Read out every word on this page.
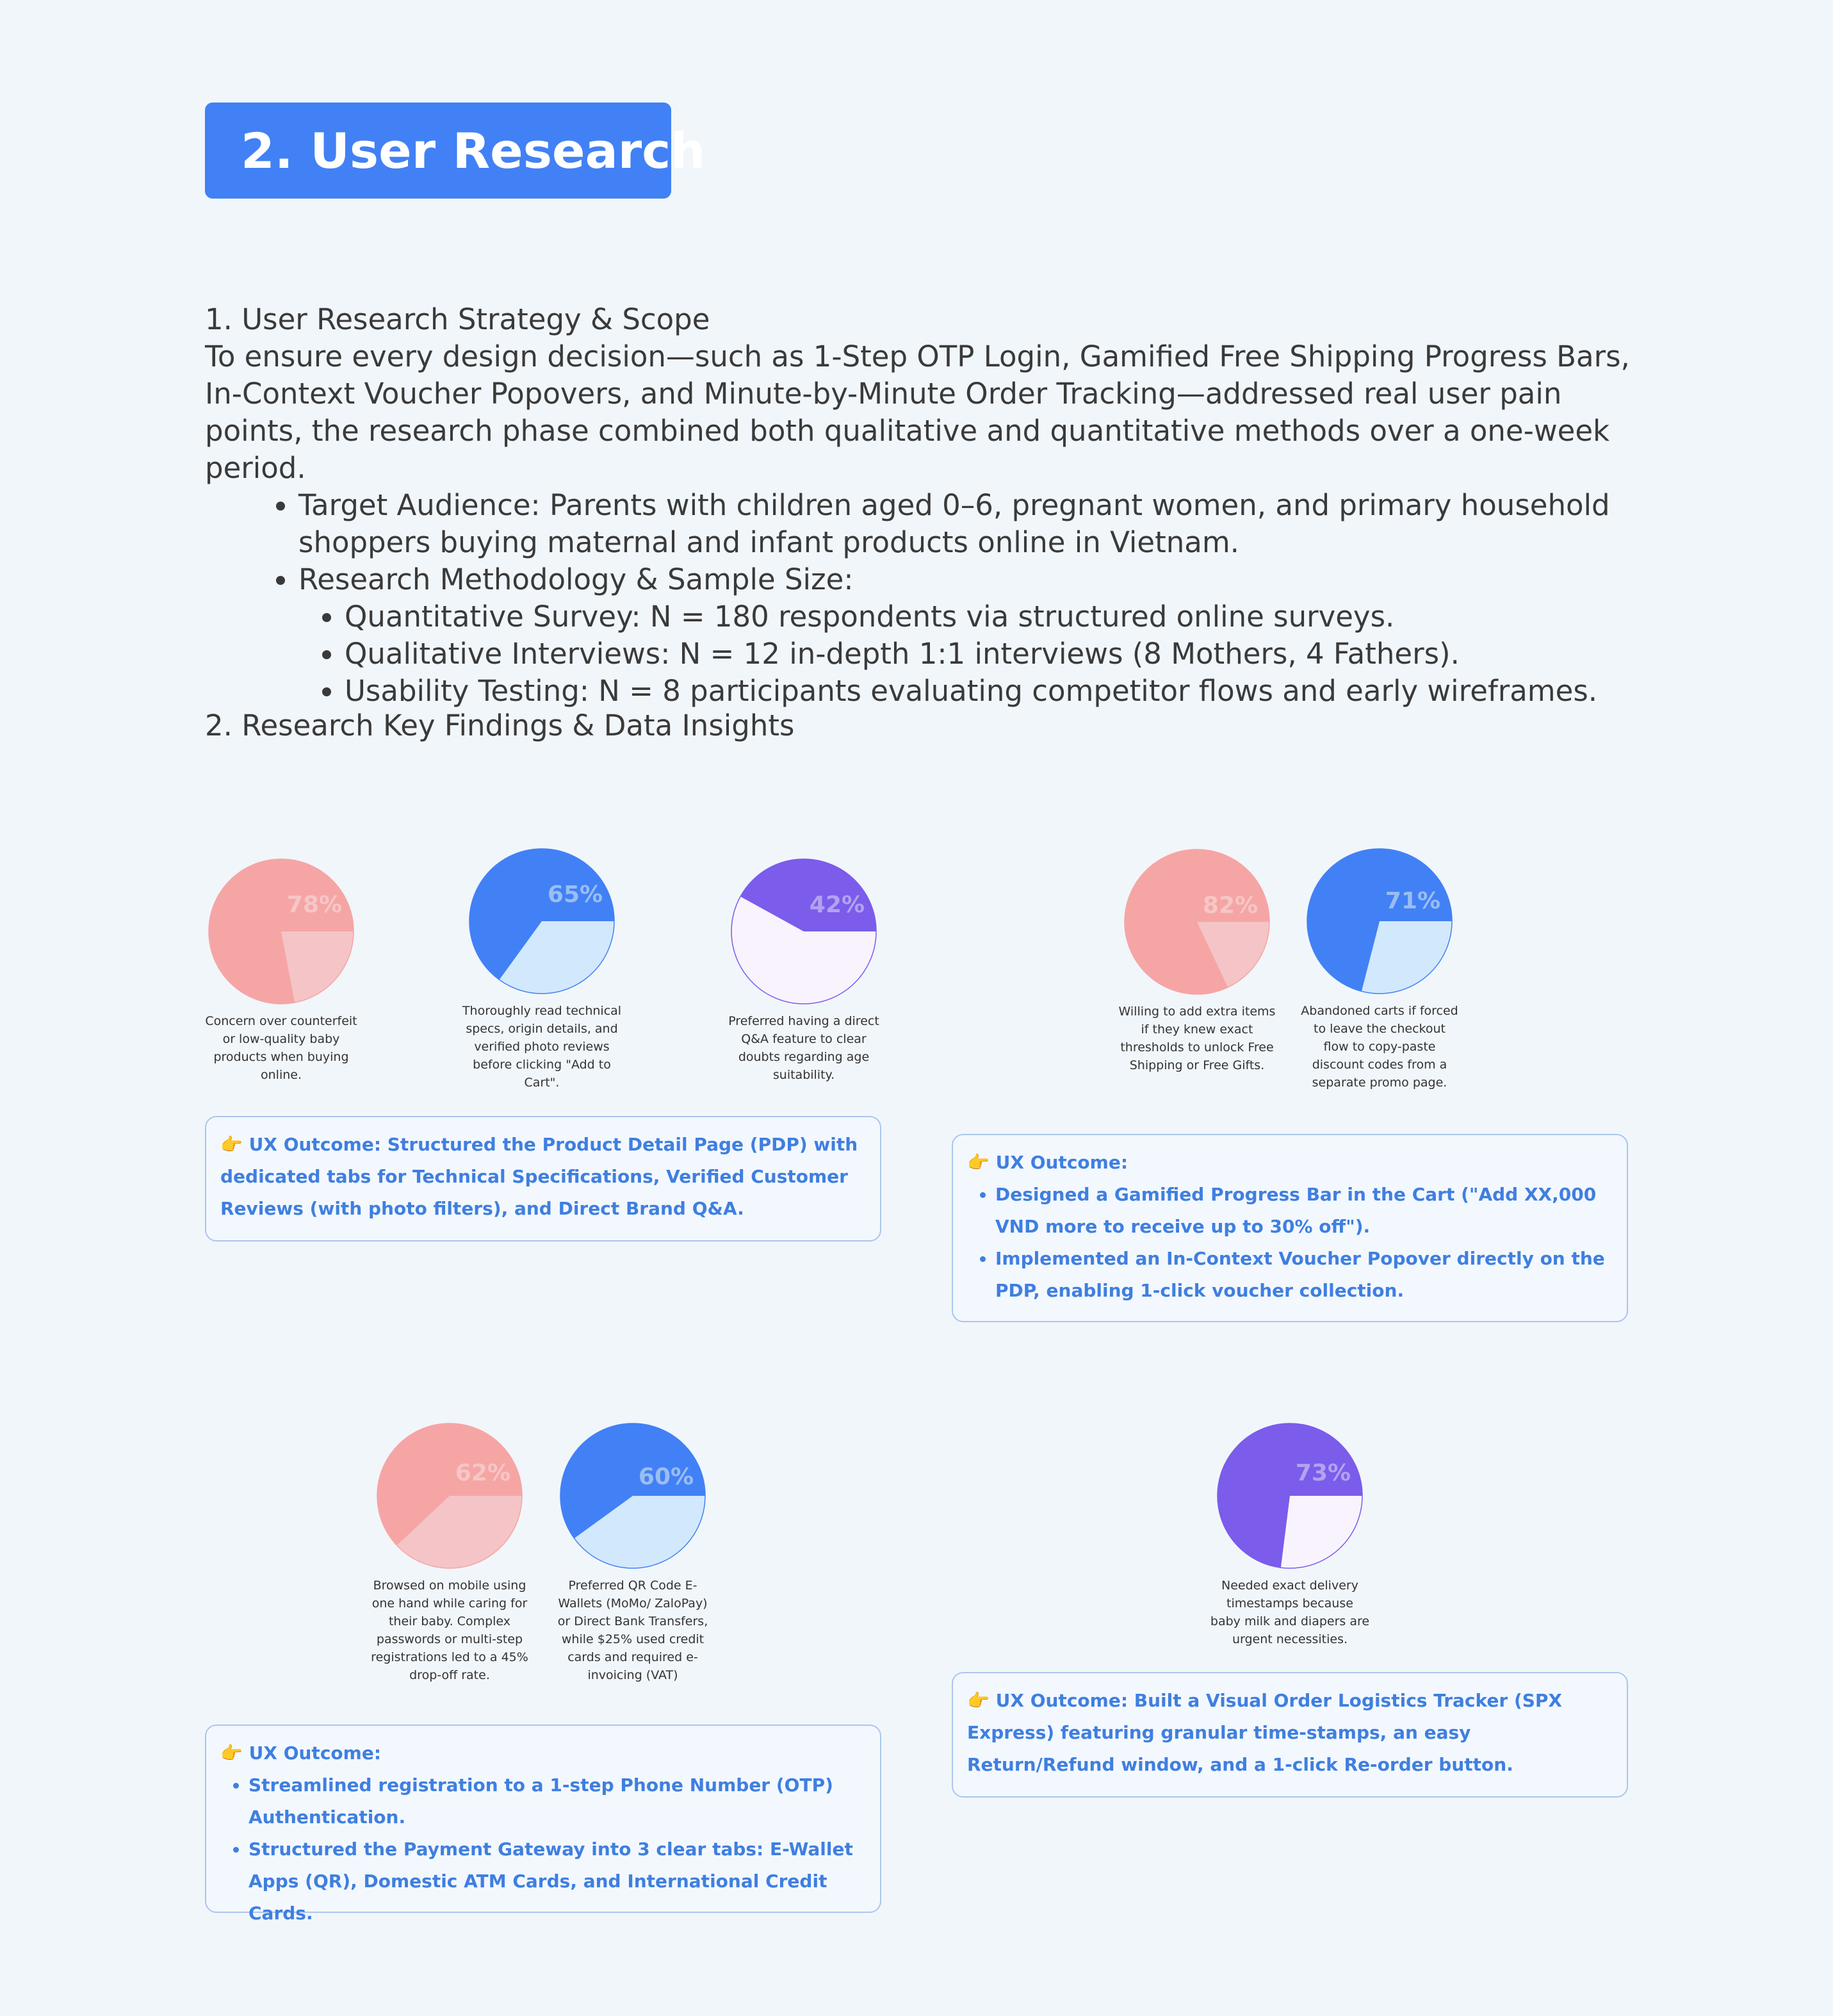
2. User Research

1. User Research Strategy & Scope

To ensure every design decision—such as 1-Step OTP Login, Gamified Free Shipping Progress Bars, In-Context Voucher Popovers, and Minute-by-Minute Order Tracking—addressed real user pain points, the research phase combined both qualitative and quantitative methods over a one-week period.

• Target Audience: Parents with children aged 0–6, pregnant women, and primary household shoppers buying maternal and infant products online in Vietnam.
• Research Methodology & Sample Size:
• Quantitative Survey: N = 180 respondents via structured online surveys.
• Qualitative Interviews: N = 12 in-depth 1:1 interviews (8 Mothers, 4 Fathers).
• Usability Testing: N = 8 participants evaluating competitor flows and early wireframes.
2. Research Key Findings & Data Insights
78%
Concern over counterfeit or low-quality baby products when buying online.
65%
Thoroughly read technical specs, origin details, and verified photo reviews before clicking "Add to Cart".
42%
Preferred having a direct Q&A feature to clear doubts regarding age suitability.
82%
Willing to add extra items if they knew exact thresholds to unlock Free Shipping or Free Gifts.
71%
Abandoned carts if forced to leave the checkout flow to copy-paste discount codes from a separate promo page.
62%
Browsed on mobile using one hand while caring for their baby. Complex passwords or multi-step registrations led to a 45% drop-off rate.
60%
Preferred QR Code E-Wallets (MoMo/ ZaloPay) or Direct Bank Transfers, while $25% used credit cards and required e-invoicing (VAT)
73%
Needed exact delivery timestamps because baby milk and diapers are urgent necessities.
👉 UX Outcome: Structured the Product Detail Page (PDP) with dedicated tabs for Technical Specifications, Verified Customer Reviews (with photo filters), and Direct Brand Q&A.
👉 UX Outcome:
• Designed a Gamified Progress Bar in the Cart ("Add XX,000 VND more to receive up to 30% off").
• Implemented an In-Context Voucher Popover directly on the PDP, enabling 1-click voucher collection.
👉 UX Outcome:
• Streamlined registration to a 1-step Phone Number (OTP) Authentication.
• Structured the Payment Gateway into 3 clear tabs: E-Wallet Apps (QR), Domestic ATM Cards, and International Credit Cards.
👉 UX Outcome: Built a Visual Order Logistics Tracker (SPX Express) featuring granular time-stamps, an easy Return/Refund window, and a 1-click Re-order button.
